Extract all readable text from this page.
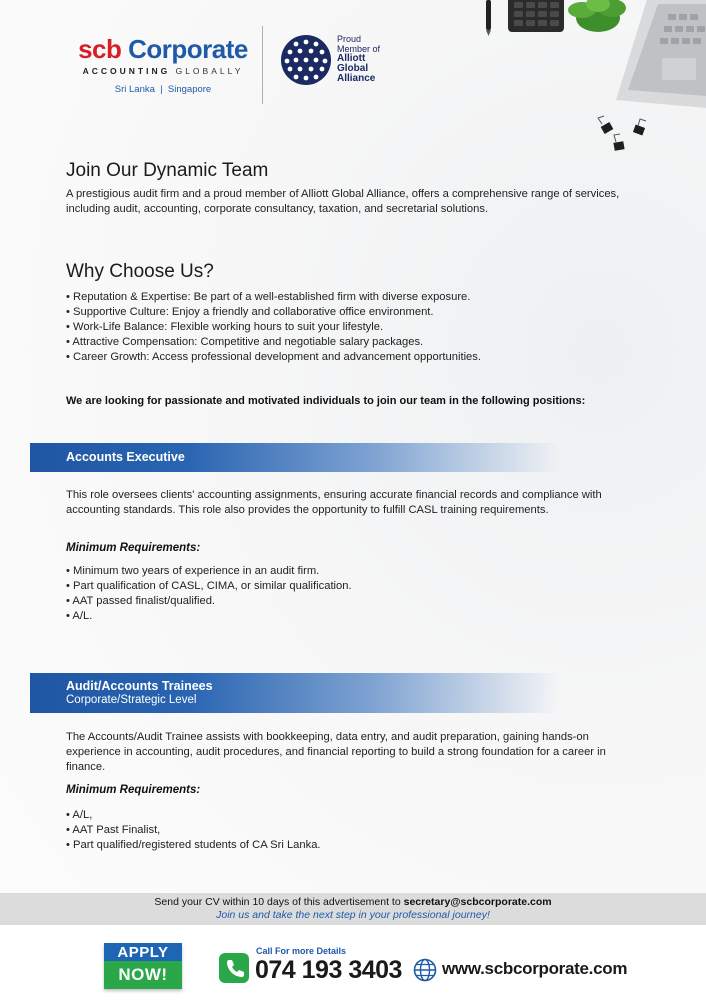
scb Corporate
ACCOUNTING GLOBALLY
Sri Lanka  |  Singapore
Proud
Member of
Alliott
Global
Alliance
Join Our Dynamic Team

A prestigious audit firm and a proud member of Alliott Global Alliance, offers a comprehensive range of services, including audit, accounting, corporate consultancy, taxation, and secretarial solutions.

Why Choose Us?
• Reputation & Expertise: Be part of a well-established firm with diverse exposure.
• Supportive Culture: Enjoy a friendly and collaborative office environment.
• Work-Life Balance: Flexible working hours to suit your lifestyle.
• Attractive Compensation: Competitive and negotiable salary packages.
• Career Growth: Access professional development and advancement opportunities.

We are looking for passionate and motivated individuals to join our team in the following positions:

Accounts Executive

This role oversees clients' accounting assignments, ensuring accurate financial records and compliance with accounting standards. This role also provides the opportunity to fulfill CASL training requirements.

Minimum Requirements:

• Minimum two years of experience in an audit firm.
• Part qualification of CASL, CIMA, or similar qualification.
• AAT passed finalist/qualified.
• A/L.
Audit/Accounts Trainees
Corporate/Strategic Level

The Accounts/Audit Trainee assists with bookkeeping, data entry, and audit preparation, gaining hands-on experience in accounting, audit procedures, and financial reporting to build a strong foundation for a career in finance.

Minimum Requirements:

• A/L,
• AAT Past Finalist,
• Part qualified/registered students of CA Sri Lanka.
Send your CV within 10 days of this advertisement to secretary@scbcorporate.com
Join us and take the next step in your professional journey!
APPLY
NOW!
Call For more Details
074 193 3403 www.scbcorporate.com
